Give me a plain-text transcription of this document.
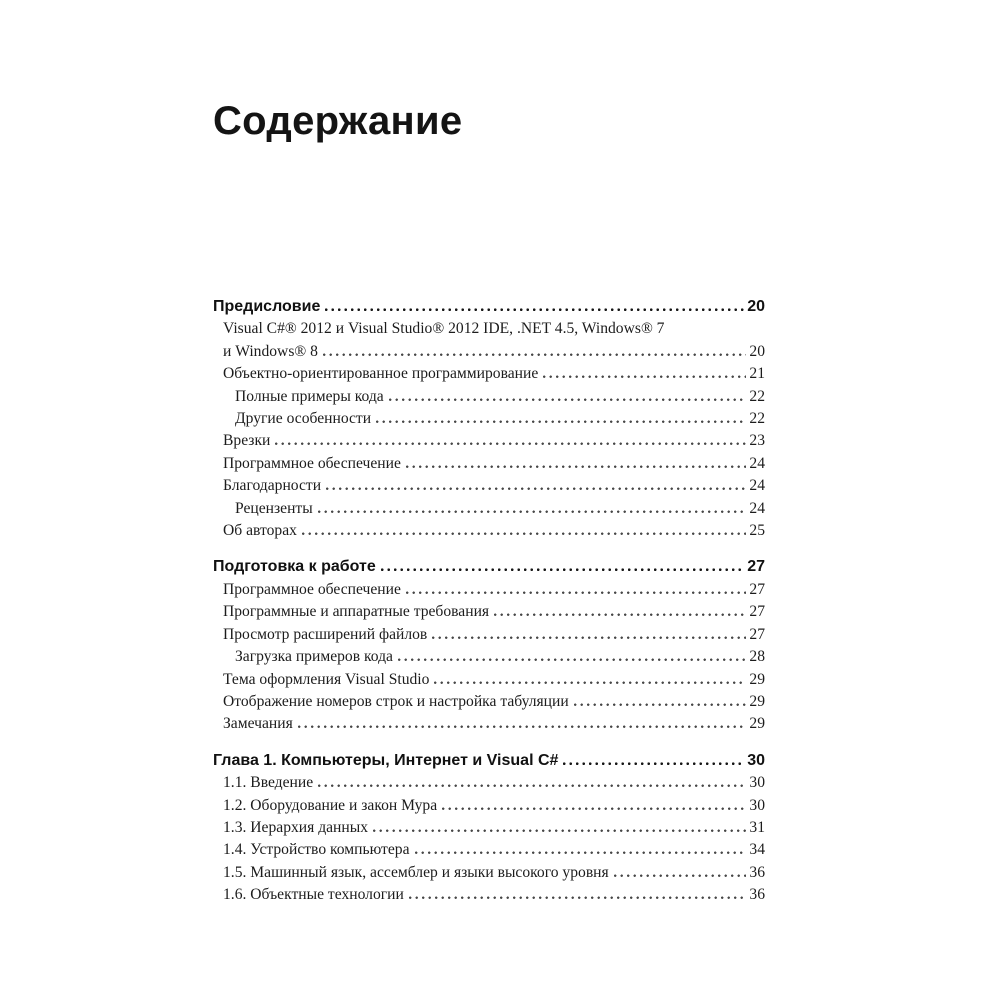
Содержание
Предисловие	20
Visual C#® 2012 и Visual Studio® 2012 IDE, .NET 4.5, Windows® 7
и Windows® 8	20
Объектно-ориентированное программирование	21
Полные примеры кода	22
Другие особенности	22
Врезки	23
Программное обеспечение	24
Благодарности	24
Рецензенты	24
Об авторах	25
Подготовка к работе	27
Программное обеспечение	27
Программные и аппаратные требования	27
Просмотр расширений файлов	27
Загрузка примеров кода	28
Тема оформления Visual Studio	29
Отображение номеров строк и настройка табуляции	29
Замечания	29
Глава 1. Компьютеры, Интернет и Visual C#	30
1.1. Введение	30
1.2. Оборудование и закон Мура	30
1.3. Иерархия данных	31
1.4. Устройство компьютера	34
1.5. Машинный язык, ассемблер и языки высокого уровня	36
1.6. Объектные технологии	36
